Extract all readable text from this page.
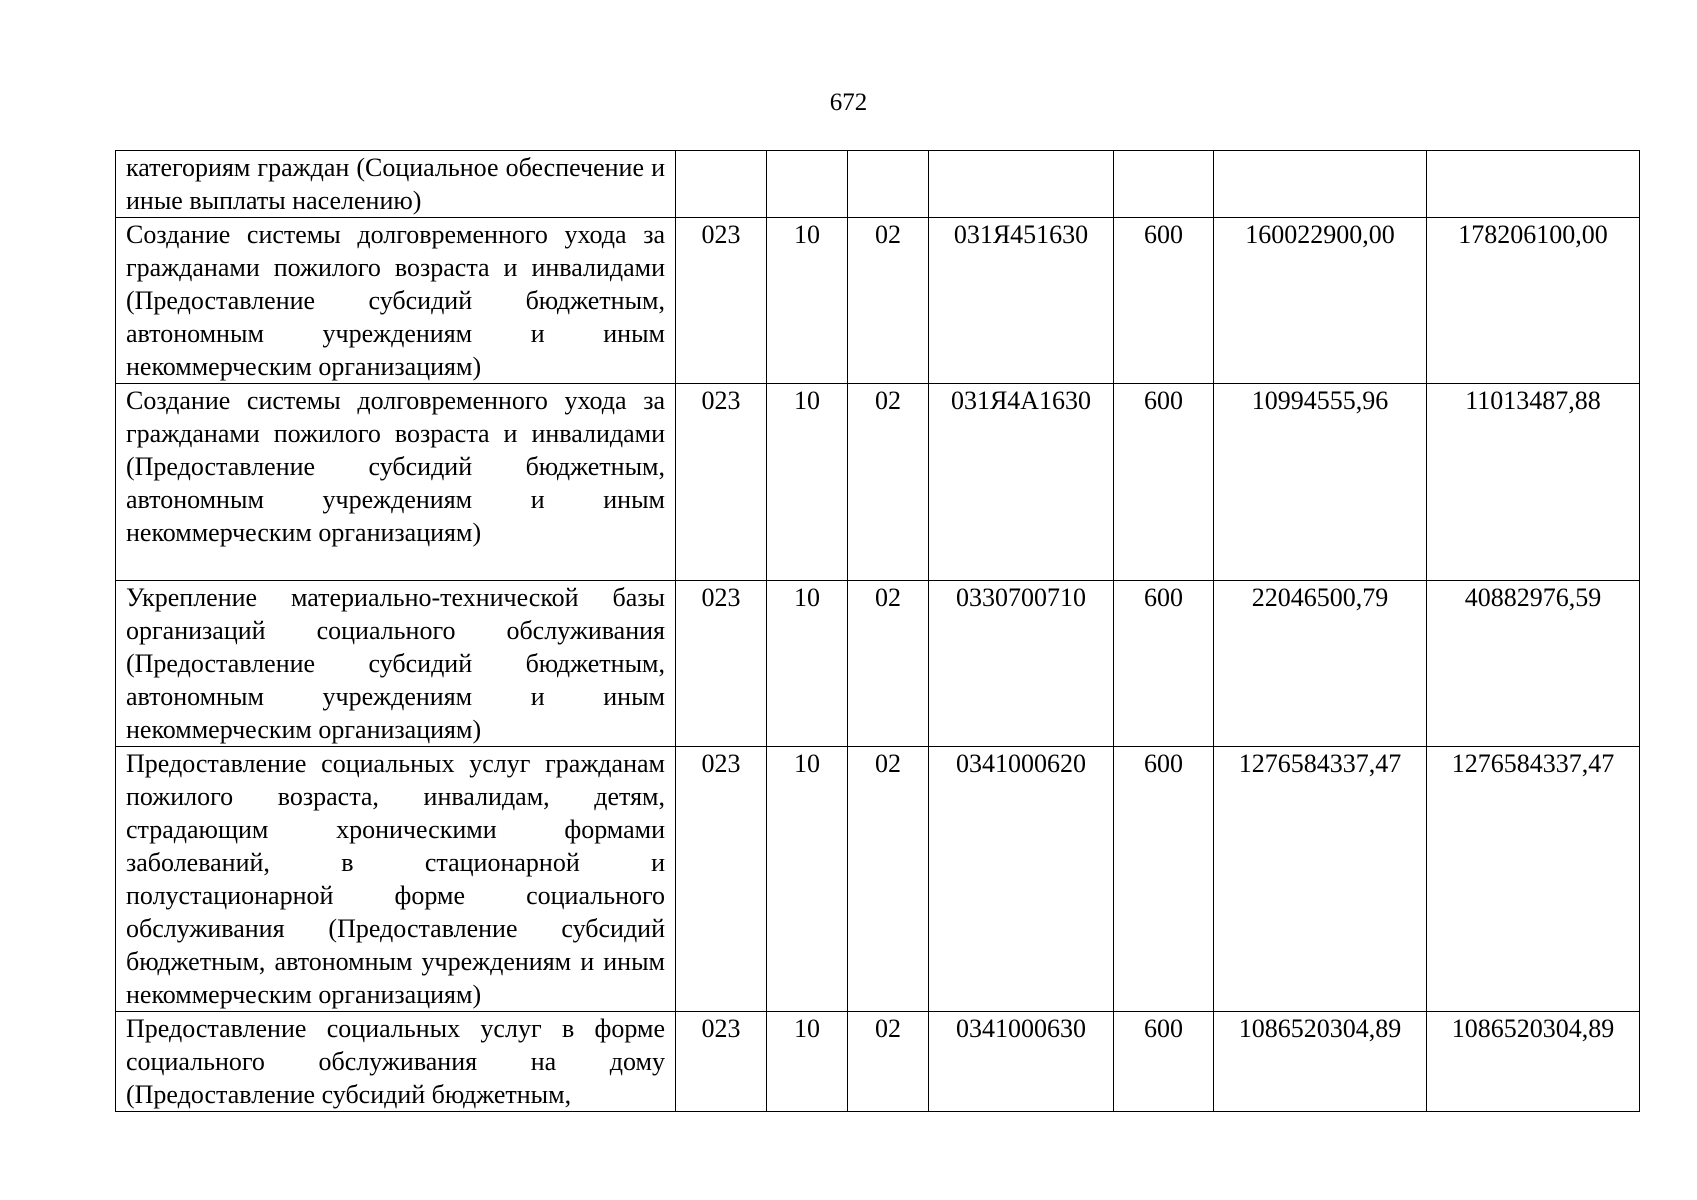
672
категориям граждан (Социальное обеспечение и иные выплаты населению)							
Создание системы долговременного ухода за гражданами пожилого возраста и инвалидами (Предоставление субсидий бюджетным, автономным учреждениям и иным некоммерческим организациям)	023	10	02	031Я451630	600	160022900,00	178206100,00
Создание системы долговременного ухода за гражданами пожилого возраста и инвалидами (Предоставление субсидий бюджетным, автономным учреждениям и иным некоммерческим организациям)	023	10	02	031Я4А1630	600	10994555,96	11013487,88
Укрепление материально-технической базы организаций социального обслуживания (Предоставление субсидий бюджетным, автономным учреждениям и иным некоммерческим организациям)	023	10	02	0330700710	600	22046500,79	40882976,59
Предоставление социальных услуг гражданам пожилого возраста, инвалидам, детям, страдающим хроническими формами заболеваний, в стационарной и полустационарной форме социального обслуживания (Предоставление субсидий бюджетным, автономным учреждениям и иным некоммерческим организациям)	023	10	02	0341000620	600	1276584337,47	1276584337,47
Предоставление социальных услуг в форме социального обслуживания на дому (Предоставление субсидий бюджетным,	023	10	02	0341000630	600	1086520304,89	1086520304,89
